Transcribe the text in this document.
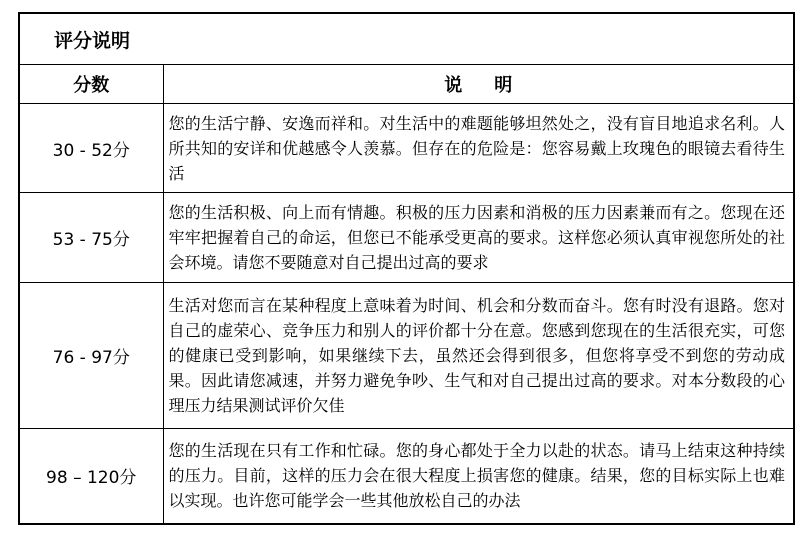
评分说明	
分数	说明
30 - 52分	您的生活宁静、安逸而祥和。对生活中的难题能够坦然处之，没有盲目地追求名利。人所共知的安详和优越感令人羡慕。但存在的危险是：您容易戴上玫瑰色的眼镜去看待生活
53 - 75分	您的生活积极、向上而有情趣。积极的压力因素和消极的压力因素兼而有之。您现在还牢牢把握着自己的命运，但您已不能承受更高的要求。这样您必须认真审视您所处的社会环境。请您不要随意对自己提出过高的要求
76 - 97分	生活对您而言在某种程度上意味着为时间、机会和分数而奋斗。您有时没有退路。您对自己的虚荣心、竞争压力和别人的评价都十分在意。您感到您现在的生活很充实，可您的健康已受到影响，如果继续下去，虽然还会得到很多，但您将享受不到您的劳动成果。因此请您减速，并努力避免争吵、生气和对自己提出过高的要求。对本分数段的心理压力结果测试评价欠佳
98 – 120分	您的生活现在只有工作和忙碌。您的身心都处于全力以赴的状态。请马上结束这种持续的压力。目前，这样的压力会在很大程度上损害您的健康。结果，您的目标实际上也难以实现。也许您可能学会一些其他放松自己的办法
